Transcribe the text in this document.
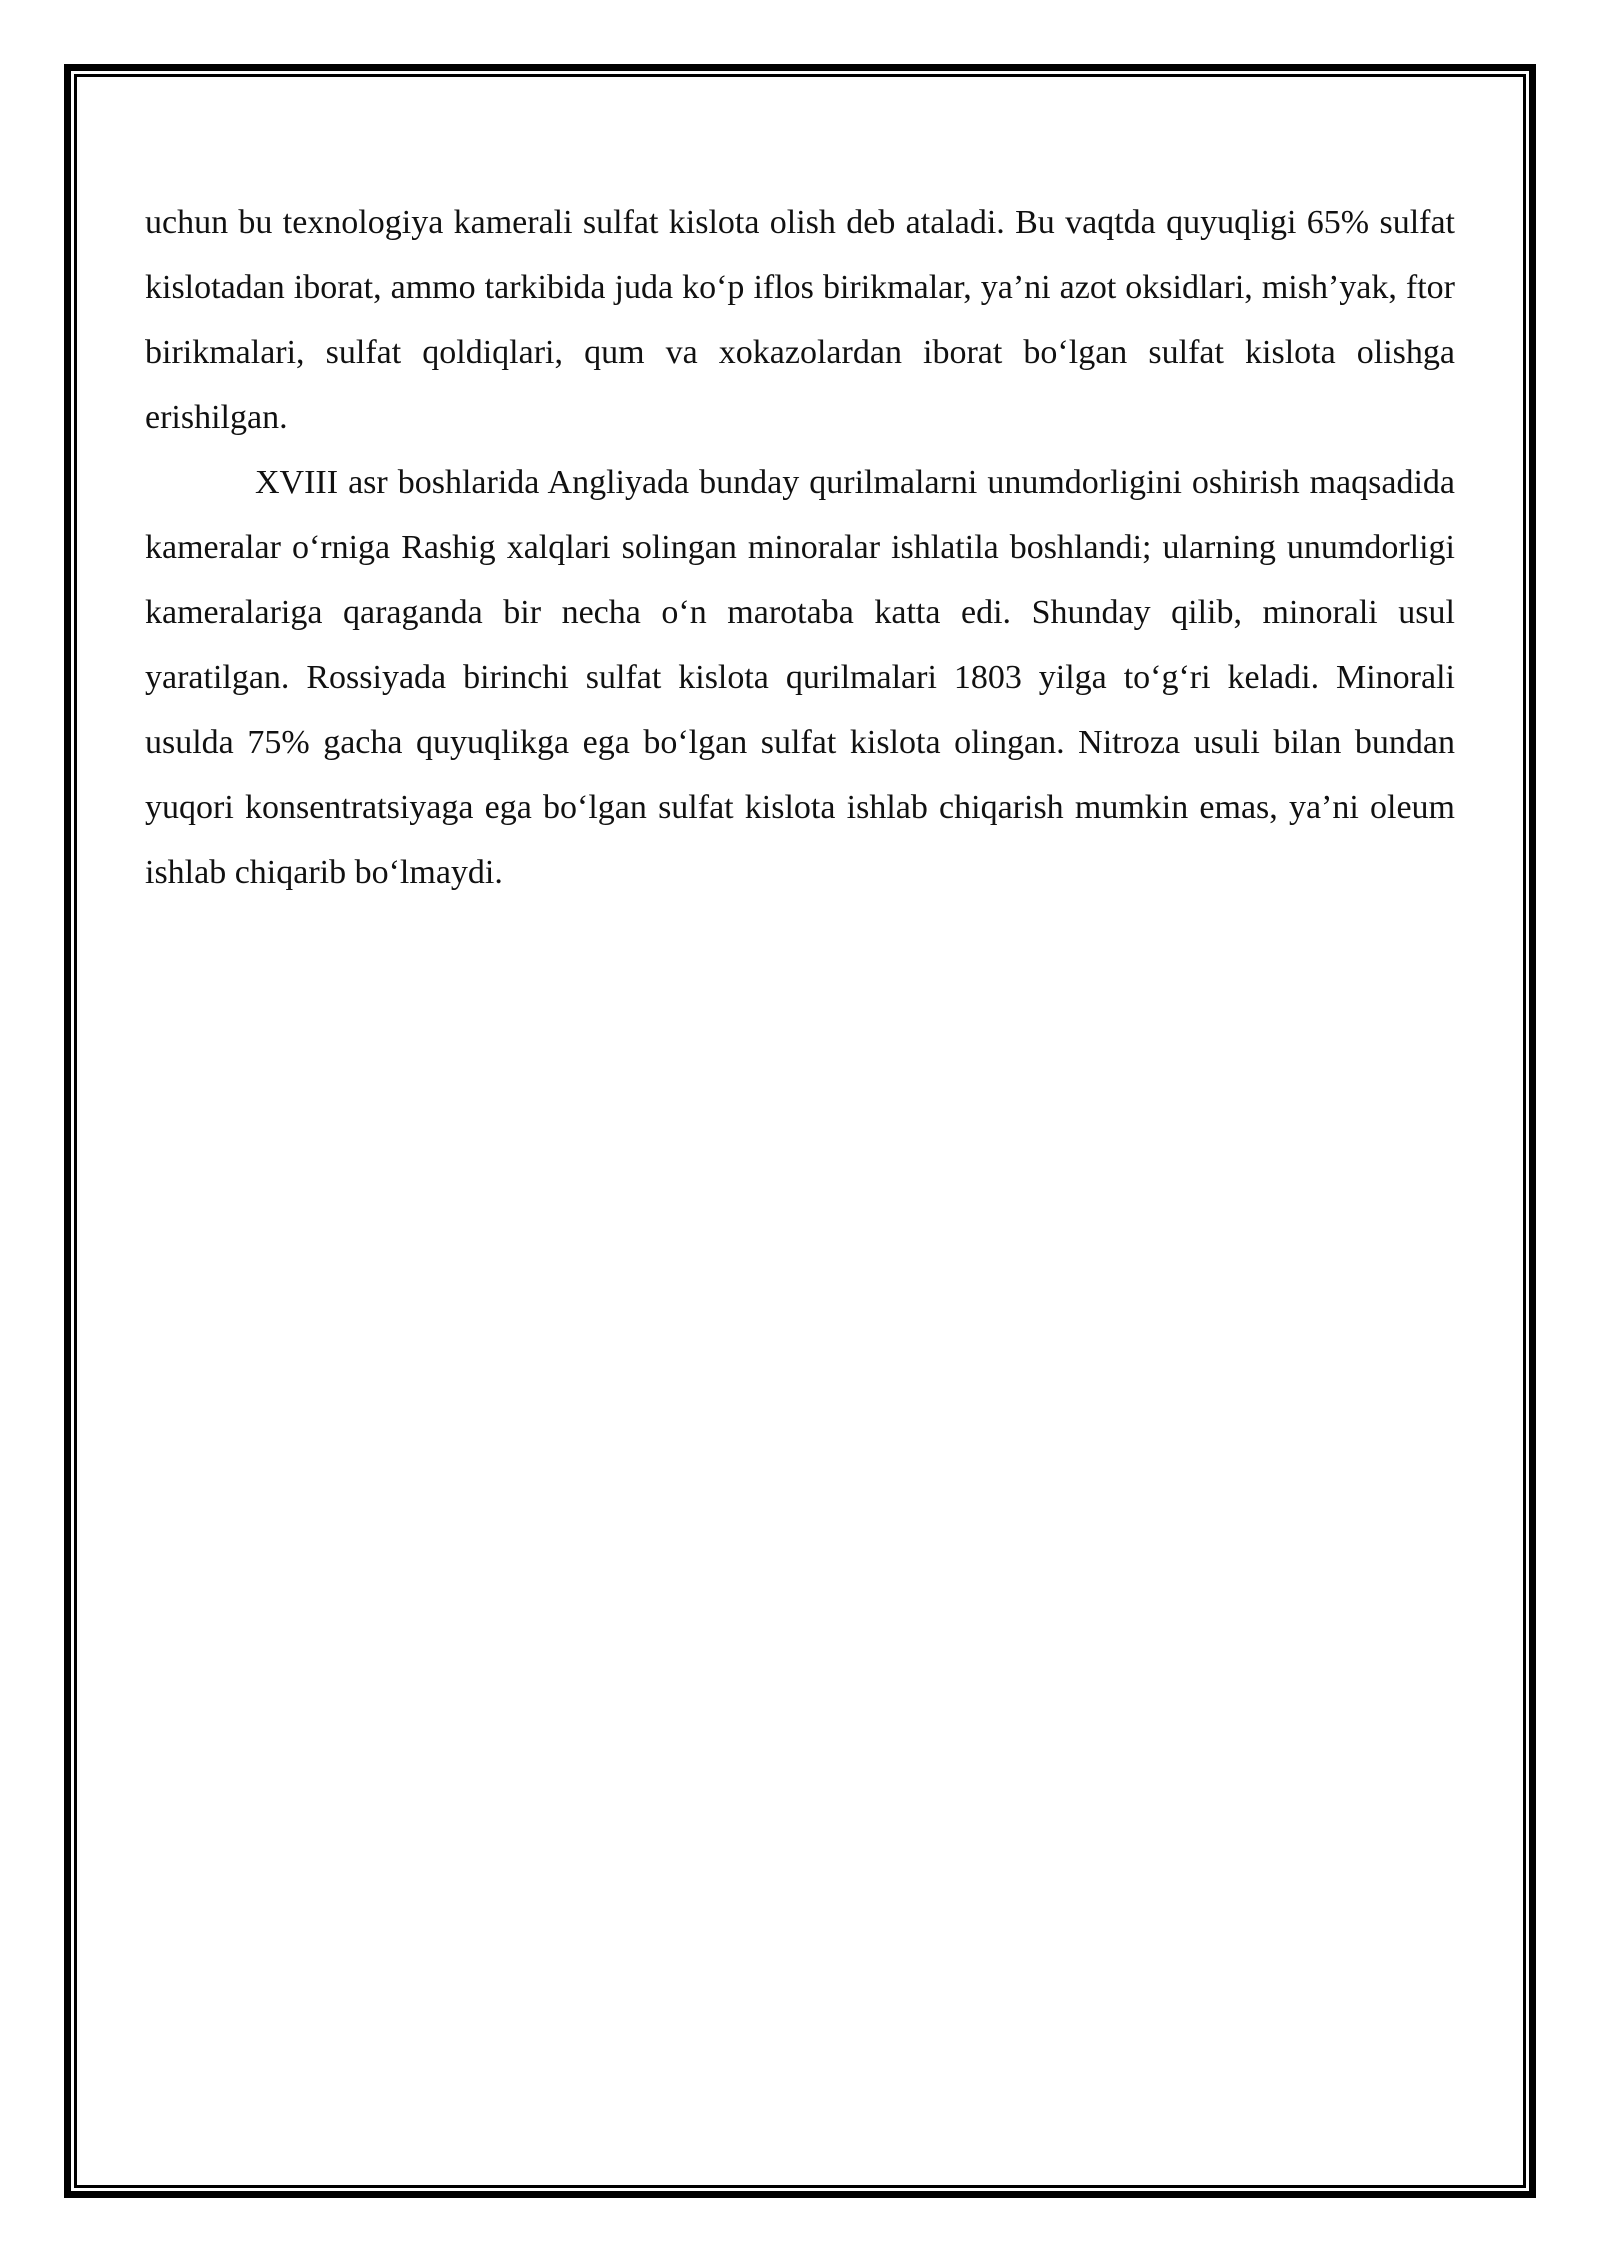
uchun bu texnologiya kamerali sulfat kislota olish deb ataladi. Bu vaqtda quyuqligi 65% sulfat kislotadan iborat, ammo tarkibida juda ko‘p iflos birikmalar, ya’ni azot oksidlari, mish’yak, ftor birikmalari, sulfat qoldiqlari, qum va xokazolardan iborat bo‘lgan sulfat kislota olishga erishilgan.

XVIII asr boshlarida Angliyada bunday qurilmalarni unumdorligini oshirish maqsadida kameralar o‘rniga Rashig xalqlari solingan minoralar ishlatila boshlandi; ularning unumdorligi kameralariga qaraganda bir necha o‘n marotaba katta edi. Shunday qilib, minorali usul yaratilgan. Rossiyada birinchi sulfat kislota qurilmalari 1803 yilga to‘g‘ri keladi. Minorali usulda 75% gacha quyuqlikga ega bo‘lgan sulfat kislota olingan. Nitroza usuli bilan bundan yuqori konsentratsiyaga ega bo‘lgan sulfat kislota ishlab chiqarish mumkin emas, ya’ni oleum ishlab chiqarib bo‘lmaydi.
